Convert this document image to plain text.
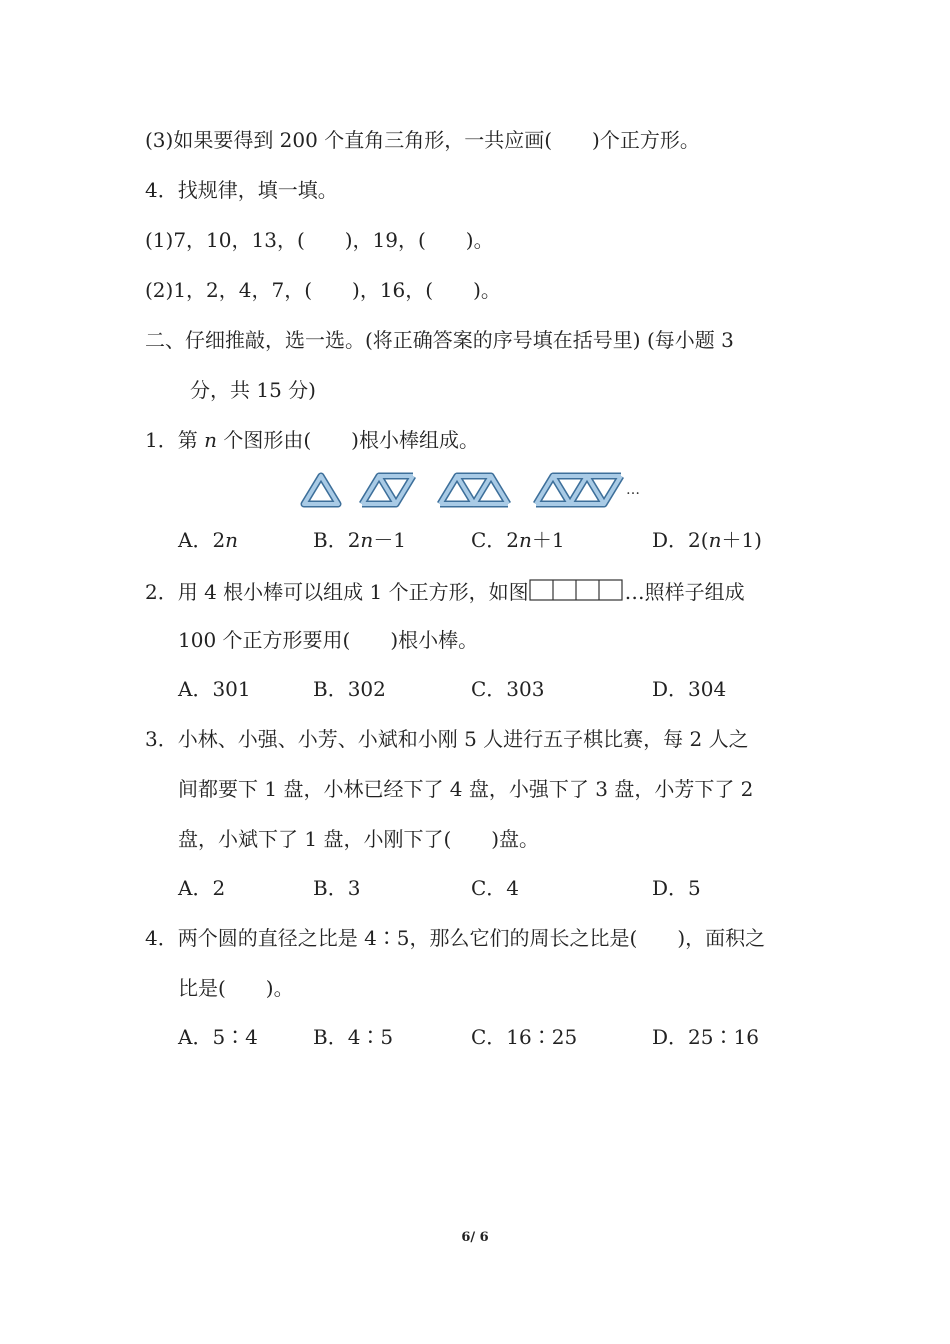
(3)如果要得到 200 个直角三角形，一共应画(　　)个正方形。
4．找规律，填一填。
(1)7，10，13，(　　)，19，(　　)。
(2)1，2，4，7，(　　)，16，(　　)。
二、仔细推敲，选一选。(将正确答案的序号填在括号里) (每小题 3
分，共 15 分)
1．第 n 个图形由(　　)根小棒组成。
…
A．2n	B．2n－1	C．2n＋1	D．2(n＋1)
2．用 4 根小棒可以组成 1 个正方形，如图	…照样子组成
100 个正方形要用(　　)根小棒。
A．301	B．302	C．303	D．304
3．小林、小强、小芳、小斌和小刚 5 人进行五子棋比赛，每 2 人之
间都要下 1 盘，小林已经下了 4 盘，小强下了 3 盘，小芳下了 2
盘，小斌下了 1 盘，小刚下了(　　)盘。
A．2	B．3	C．4	D．5
4．两个圆的直径之比是 4∶5，那么它们的周长之比是(　　)，面积之
比是(　　)。
A．5∶4	B．4∶5	C．16∶25	D．25∶16
6/ 6
